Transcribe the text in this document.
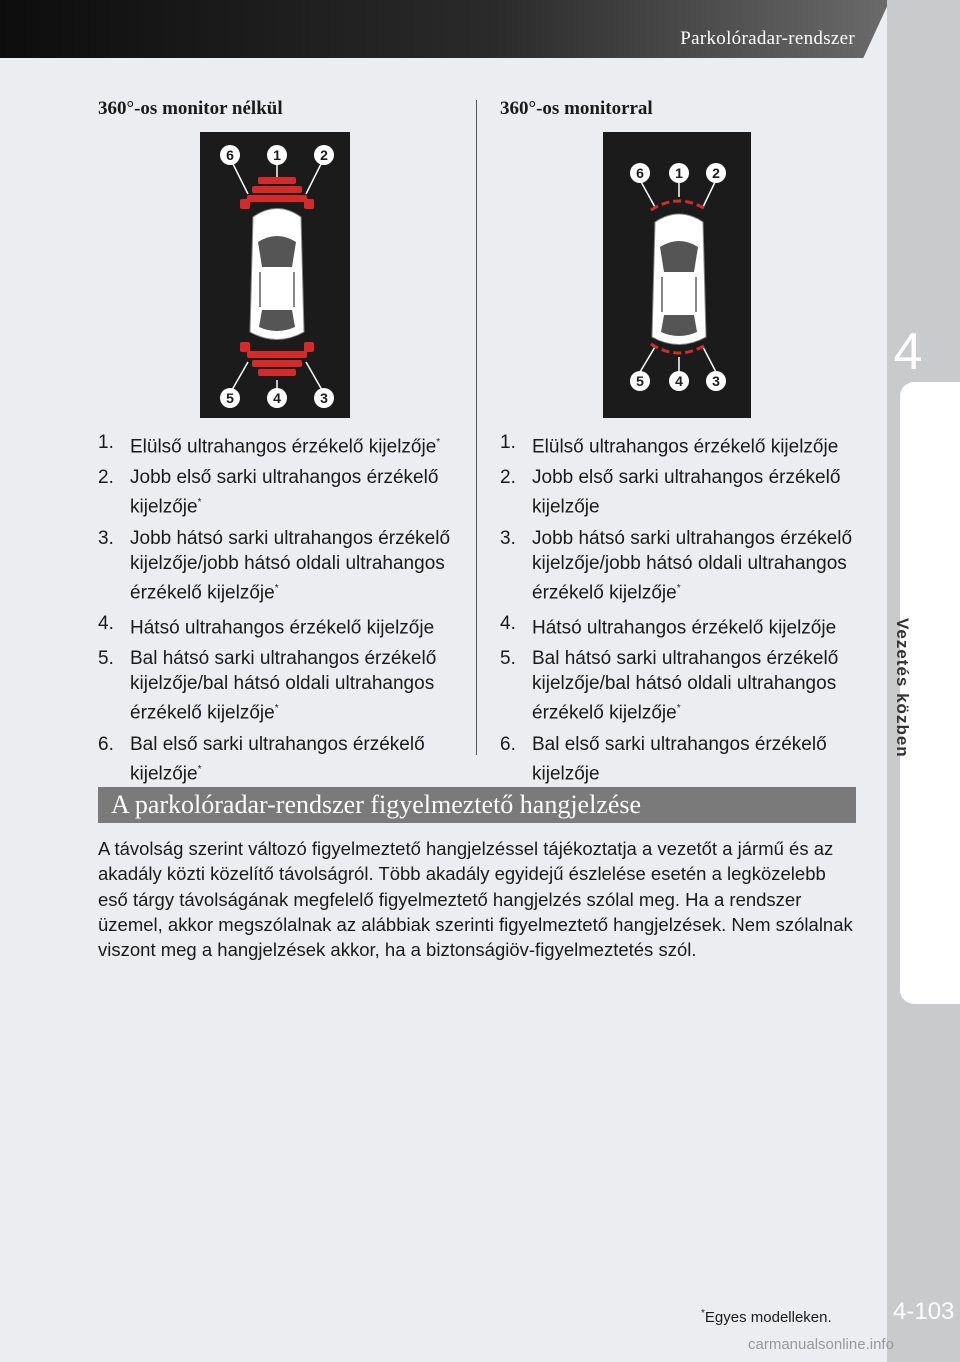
Parkolóradar-rendszer
4
Vezetés közben
4-103

360°-os monitor nélkül

6	1	2
5	4	3
1. Elülső ultrahangos érzékelő kijelzője*
2. Jobb első sarki ultrahangos érzékelő kijelzője*
3. Jobb hátsó sarki ultrahangos érzékelő kijelzője/jobb hátsó oldali ultrahangos érzékelő kijelzője*
4. Hátsó ultrahangos érzékelő kijelzője
5. Bal hátsó sarki ultrahangos érzékelő kijelzője/bal hátsó oldali ultrahangos érzékelő kijelzője*
6. Bal első sarki ultrahangos érzékelő kijelzője*

360°-os monitorral

6 1 2
5 4 3
1. Elülső ultrahangos érzékelő kijelzője
2. Jobb első sarki ultrahangos érzékelő kijelzője
3. Jobb hátsó sarki ultrahangos érzékelő kijelzője/jobb hátsó oldali ultrahangos érzékelő kijelzője*
4. Hátsó ultrahangos érzékelő kijelzője
5. Bal hátsó sarki ultrahangos érzékelő kijelzője/bal hátsó oldali ultrahangos érzékelő kijelzője*
6. Bal első sarki ultrahangos érzékelő kijelzője
A parkolóradar-rendszer figyelmeztető hangjelzése

A távolság szerint változó figyelmeztető hangjelzéssel tájékoztatja a vezetőt a jármű és az akadály közti közelítő távolságról. Több akadály egyidejű észlelése esetén a legközelebb eső tárgy távolságának megfelelő figyelmeztető hangjelzés szólal meg. Ha a rendszer üzemel, akkor megszólalnak az alábbiak szerinti figyelmeztető hangjelzések. Nem szólalnak viszont meg a hangjelzések akkor, ha a biztonságiöv-figyelmeztetés szól.

*Egyes modelleken.
carmanualsonline.info
